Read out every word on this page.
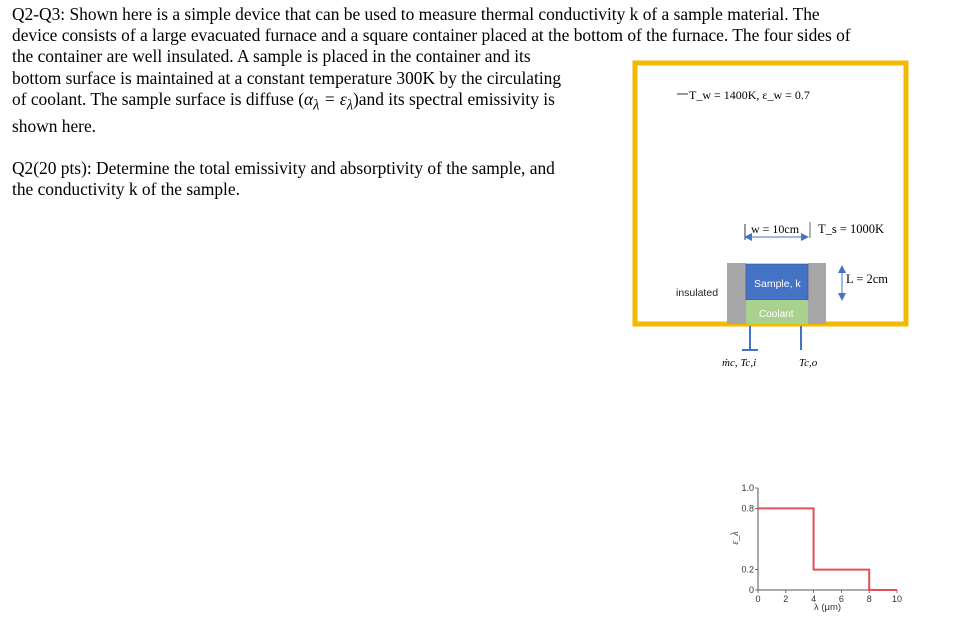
Q2-Q3: Shown here is a simple device that can be used to measure thermal conductivity k of a sample material. The
device consists of a large evacuated furnace and a square container placed at the bottom of the furnace. The four sides of
the container are well insulated. A sample is placed in the container and its
bottom surface is maintained at a constant temperature 300K by the circulating
of coolant. The sample surface is diffuse $(\alpha_\lambda = \varepsilon_\lambda)and$ its spectral emissivity is
shown here.
Q2(20 pts): Determine the total emissivity and absorptivity of the sample, and
the conductivity k of the sample.
T_w = 1400K, ε_w = 0.7
w = 10cm T_s = 1000K
Sample, k
Coolant
insulated
L = 2cm
ṁc, Tc,i	Tc,o
0	2	4	6	8 10
0
0.2
0.8
1.0
λ (μm)
ε_λ
